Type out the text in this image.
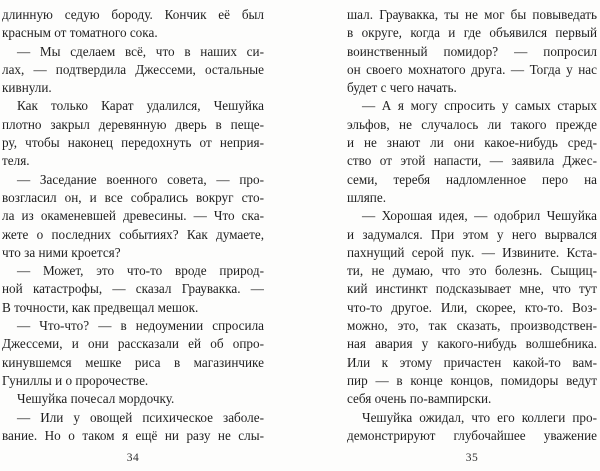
длинную седую бороду. Кончик её был
красным от томатного сока.
— Мы сделаем всё, что в наших си-
лах, — подтвердила Джессеми, остальные
кивнули.
Как только Карат удалился, Чешуйка
плотно закрыл деревянную дверь в пеще-
ру, чтобы наконец передохнуть от неприя-
теля.
— Заседание военного совета, — про-
возгласил он, и все собрались вокруг сто-
ла из окаменевшей древесины. — Что ска-
жете о последних событиях? Как думаете,
что за ними кроется?
— Может, это что-то вроде природ-
ной катастрофы, — сказал Граувакка. —
В точности, как предвещал мешок.
— Что-что? — в недоумении спросила
Джессеми, и они рассказали ей об опро-
кинувшемся мешке риса в магазинчике
Гуниллы и о пророчестве.
Чешуйка почесал мордочку.
— Или у овощей психическое заболе-
вание. Но о таком я ещё ни разу не слы-
34
шал. Граувакка, ты не мог бы повыведать
в округе, когда и где объявился первый
воинственный помидор? — попросил
он своего мохнатого друга. — Тогда у нас
будет с чего начать.
— А я могу спросить у самых старых
эльфов, не случалось ли такого прежде
и не знают ли они какое-нибудь сред-
ство от этой напасти, — заявила Джес-
семи, теребя надломленное перо на
шляпе.
— Хорошая идея, — одобрил Чешуйка
и задумался. При этом у него вырвался
пахнущий серой пук. — Извините. Кста-
ти, не думаю, что это болезнь. Сыщиц-
кий инстинкт подсказывает мне, что тут
что-то другое. Или, скорее, кто-то. Воз-
можно, это, так сказать, производствен-
ная авария у какого-нибудь волшебника.
Или к этому причастен какой-то вам-
пир — в конце концов, помидоры ведут
себя очень по-вампирски.
Чешуйка ожидал, что его коллеги про-
демонстрируют глубочайшее уважение
35
